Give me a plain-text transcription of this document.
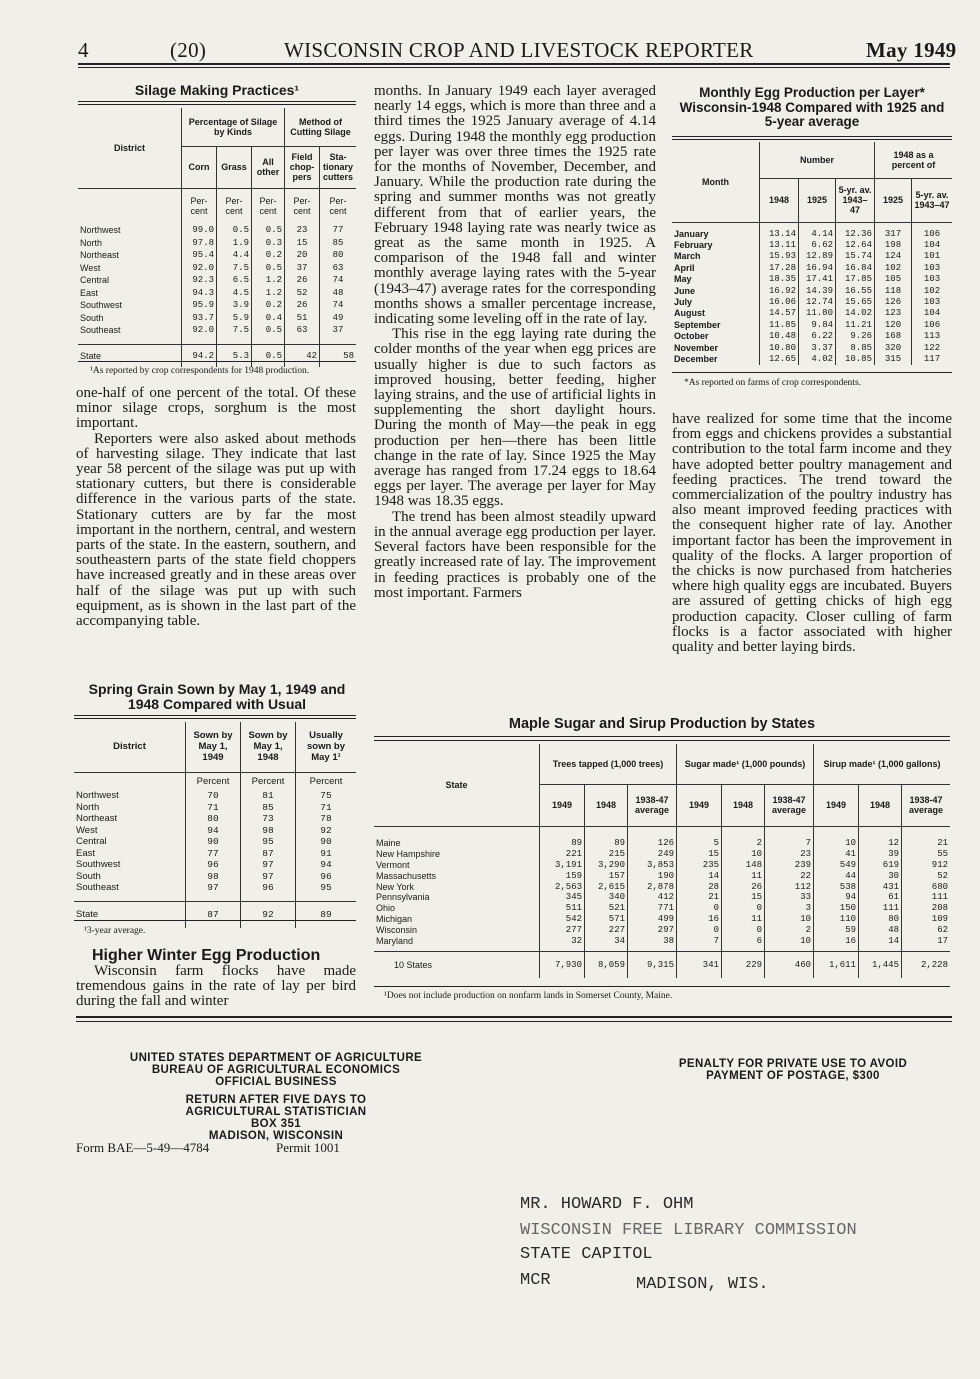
4	(20)	WISCONSIN CROP AND LIVESTOCK REPORTER	May 1949
Silage Making Practices¹
District	Percentage of Silage by Kinds			Method of Cutting Silage	
	Corn	Grass	All other	Field chop- pers	Sta- tionary cutters
	Per- cent	Per- cent	Per- cent	Per- cent	Per- cent
Northwest	99.0	0.5	0.5	23	77
North	97.8	1.9	0.3	15	85
Northeast	95.4	4.4	0.2	20	80
West	92.0	7.5	0.5	37	63
Central	92.3	6.5	1.2	26	74
East	94.3	4.5	1.2	52	48
Southwest	95.9	3.9	0.2	26	74
South	93.7	5.9	0.4	51	49
Southeast	92.0	7.5	0.5	63	37

State	94.2	5.3	0.5	42	58
¹As reported by crop correspondents for 1948 production.

one-half of one percent of the total. Of these minor silage crops, sorghum is the most important.

Reporters were also asked about methods of harvesting silage. They indicate that last year 58 percent of the silage was put up with stationary cutters, but there is considerable difference in the various parts of the state. Stationary cutters are by far the most important in the northern, central, and western parts of the state. In the eastern, southern, and southeastern parts of the state field choppers have increased greatly and in these areas over half of the silage was put up with such equipment, as is shown in the last part of the accompanying table.

Spring Grain Sown by May 1, 1949 and 1948 Compared with Usual
District	Sown by May 1, 1949	Sown by May 1, 1948	Usually sown by May 1¹
	Percent	Percent	Percent
Northwest	70	81	75
North	71	85	71
Northeast	80	73	78
West	94	98	92
Central	90	95	90
East	77	87	91
Southwest	96	97	94
South	98	97	96
Southeast	97	96	95

State	87	92	89
¹3-year average.
Higher Winter Egg Production

Wisconsin farm flocks have made tremendous gains in the rate of lay per bird during the fall and winter

months. In January 1949 each layer averaged nearly 14 eggs, which is more than three and a third times the 1925 January average of 4.14 eggs. During 1948 the monthly egg production per layer was over three times the 1925 rate for the months of November, December, and January. While the production rate during the spring and summer months was not greatly different from that of earlier years, the February 1948 laying rate was nearly twice as great as the same month in 1925. A comparison of the 1948 fall and winter monthly average laying rates with the 5-year (1943–47) average rates for the corresponding months shows a smaller percentage increase, indicating some leveling off in the rate of lay.

This rise in the egg laying rate during the colder months of the year when egg prices are usually higher is due to such factors as improved housing, better feeding, higher laying strains, and the use of artificial lights in supplementing the short daylight hours. During the month of May—the peak in egg production per hen—there has been little change in the rate of lay. Since 1925 the May average has ranged from 17.24 eggs to 18.64 eggs per layer. The average per layer for May 1948 was 18.35 eggs.

The trend has been almost steadily upward in the annual average egg production per layer. Several factors have been responsible for the greatly increased rate of lay. The improvement in feeding practices is probably one of the most important. Farmers

Monthly Egg Production per Layer* Wisconsin-1948 Compared with 1925 and 5-year average
Month	Number			1948 as a percent of	
	1948	1925	5-yr. av. 1943–47	1925	5-yr. av. 1943–47

January	13.14	4.14	12.36	317	106
February	13.11	6.62	12.64	198	104
March	15.93	12.89	15.74	124	101
April	17.28	16.94	16.84	102	103
May	18.35	17.41	17.85	105	103
June	16.92	14.39	16.55	118	102
July	16.06	12.74	15.65	126	103
August	14.57	11.80	14.02	123	104
September	11.85	9.84	11.21	120	106
October	10.48	6.22	9.26	168	113
November	10.80	3.37	8.85	320	122
December	12.65	4.02	10.85	315	117
*As reported on farms of crop correspondents.

have realized for some time that the income from eggs and chickens provides a substantial contribution to the total farm income and they have adopted better poultry management and feeding practices. The trend toward the commercialization of the poultry industry has also meant improved feeding practices with the consequent higher rate of lay. Another important factor has been the improvement in quality of the flocks. A larger proportion of the chicks is now purchased from hatcheries where high quality eggs are incubated. Buyers are assured of getting chicks of high egg production capacity. Closer culling of farm flocks is a factor associated with higher quality and better laying birds.

Maple Sugar and Sirup Production by States
State	Trees tapped (1,000 trees)			Sugar made¹ (1,000 pounds)			Sirup made¹ (1,000 gallons)		
	1949	1948	1938-47 average	1949	1948	1938-47 average	1949	1948	1938-47 average

Maine	89	89	126	5	2	7	10	12	21
New Hampshire	221	215	249	15	10	23	41	39	55
Vermont	3,191	3,290	3,853	235	148	239	549	619	912
Massachusetts	159	157	190	14	11	22	44	30	52
New York	2,563	2,615	2,878	28	26	112	538	431	680
Pennsylvania	345	340	412	21	15	33	94	61	111
Ohio	511	521	771	0	0	3	150	111	208
Michigan	542	571	499	16	11	10	110	80	109
Wisconsin	277	227	297	0	0	2	59	48	62
Maryland	32	34	38	7	6	10	16	14	17

10 States	7,930	8,059	9,315	341	229	460	1,611	1,445	2,228
¹Does not include production on nonfarm lands in Somerset County, Maine.
UNITED STATES DEPARTMENT OF AGRICULTURE
BUREAU OF AGRICULTURAL ECONOMICS
OFFICIAL BUSINESS
RETURN AFTER FIVE DAYS TO
AGRICULTURAL STATISTICIAN
BOX 351
MADISON, WISCONSIN
Form BAE—5-49—4784	Permit 1001
PENALTY FOR PRIVATE USE TO AVOID
PAYMENT OF POSTAGE, $300
MR. HOWARD F. OHM
WISCONSIN FREE LIBRARY COMMISSION
STATE CAPITOL
MCR	MADISON, WIS.
